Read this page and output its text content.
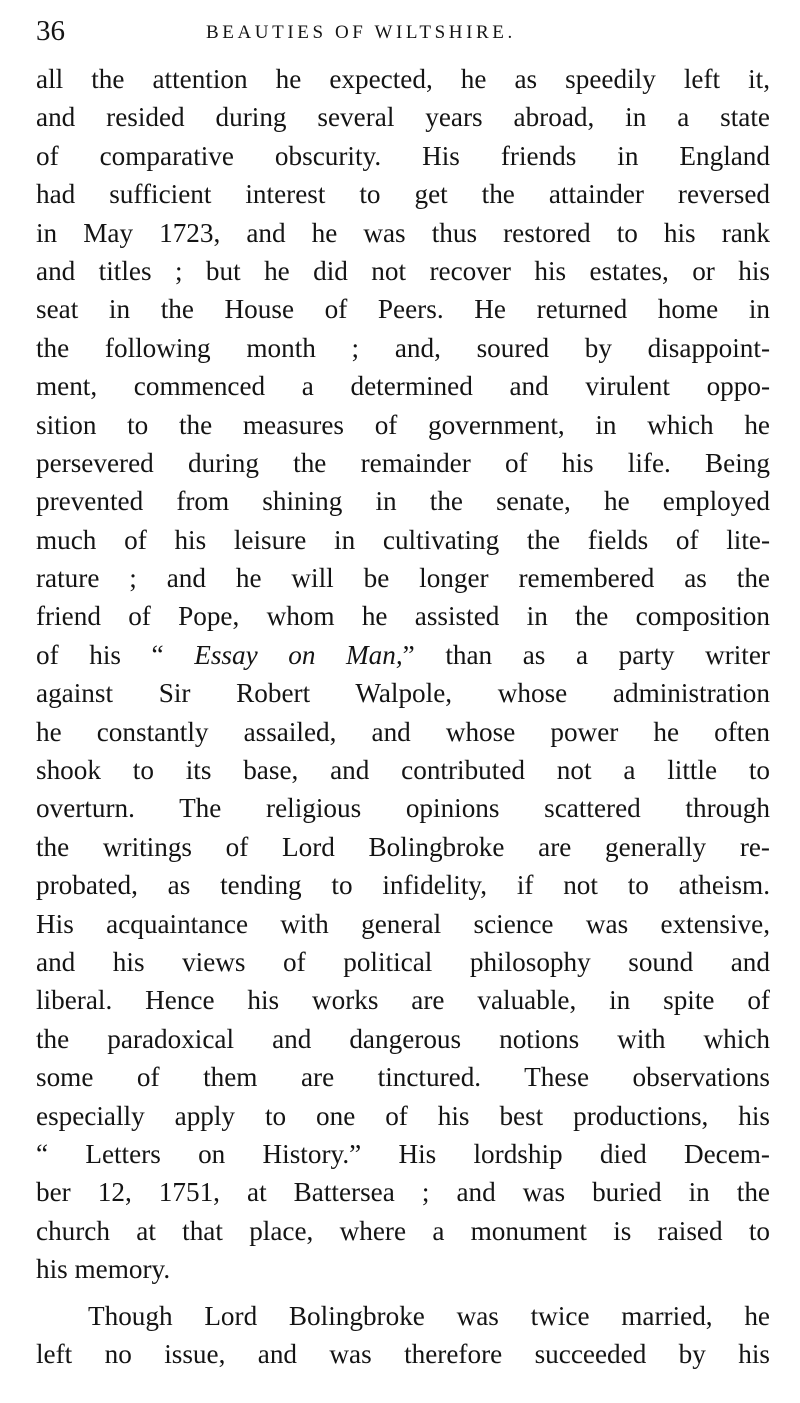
36	BEAUTIES OF WILTSHIRE.
all the attention he expected, he as speedily left it,
and resided during several years abroad, in a state
of comparative obscurity. His friends in England
had sufficient interest to get the attainder reversed
in May 1723, and he was thus restored to his rank
and titles ; but he did not recover his estates, or his
seat in the House of Peers. He returned home in
the following month ; and, soured by disappoint-
ment, commenced a determined and virulent oppo-
sition to the measures of government, in which he
persevered during the remainder of his life. Being
prevented from shining in the senate, he employed
much of his leisure in cultivating the fields of lite-
rature ; and he will be longer remembered as the
friend of Pope, whom he assisted in the composition
of his “ Essay on Man,” than as a party writer
against Sir Robert Walpole, whose administration
he constantly assailed, and whose power he often
shook to its base, and contributed not a little to
overturn. The religious opinions scattered through
the writings of Lord Bolingbroke are generally re-
probated, as tending to infidelity, if not to atheism.
His acquaintance with general science was extensive,
and his views of political philosophy sound and
liberal. Hence his works are valuable, in spite of
the paradoxical and dangerous notions with which
some of them are tinctured. These observations
especially apply to one of his best productions, his
“ Letters on History.” His lordship died Decem-
ber 12, 1751, at Battersea ; and was buried in the
church at that place, where a monument is raised to
his memory.
Though Lord Bolingbroke was twice married, he
left no issue, and was therefore succeeded by his
